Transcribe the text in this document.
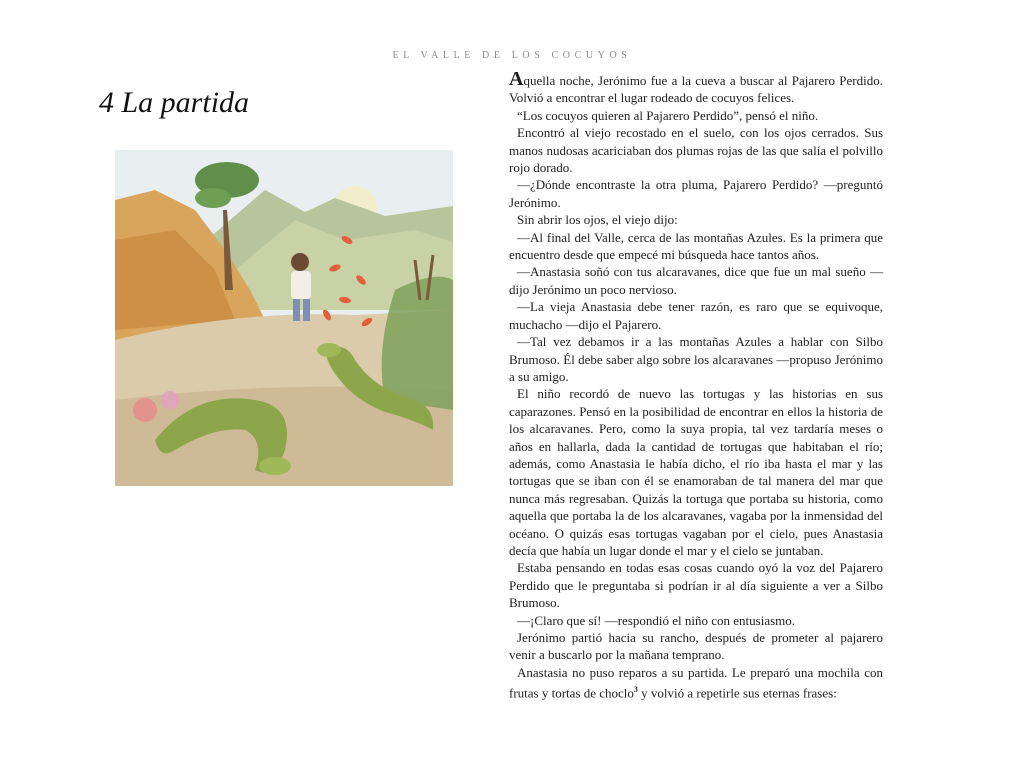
EL VALLE DE LOS COCUYOS
4 La partida

Aquella noche, Jerónimo fue a la cueva a buscar al Pajarero Perdido. Volvió a encontrar el lugar rodeado de cocuyos felices.

“Los cocuyos quieren al Pajarero Perdido”, pensó el niño.

Encontró al viejo recostado en el suelo, con los ojos cerrados. Sus manos nudosas acariciaban dos plumas rojas de las que salía el polvillo rojo dorado.

—¿Dónde encontraste la otra pluma, Pajarero Perdido? —preguntó Jerónimo.

Sin abrir los ojos, el viejo dijo:

—Al final del Valle, cerca de las montañas Azules. Es la primera que encuentro desde que empecé mi búsqueda hace tantos años.

—Anastasia soñó con tus alcaravanes, dice que fue un mal sueño —dijo Jerónimo un poco nervioso.

—La vieja Anastasia debe tener razón, es raro que se equivoque, muchacho —dijo el Pajarero.

—Tal vez debamos ir a las montañas Azules a hablar con Silbo Brumoso. Él debe saber algo sobre los alcaravanes —propuso Jerónimo a su amigo.

El niño recordó de nuevo las tortugas y las historias en sus caparazones. Pensó en la posibilidad de encontrar en ellos la historia de los alcaravanes. Pero, como la suya propia, tal vez tardaría meses o años en hallarla, dada la cantidad de tortugas que habitaban el río; además, como Anastasia le había dicho, el río iba hasta el mar y las tortugas que se iban con él se enamoraban de tal manera del mar que nunca más regresaban. Quizás la tortuga que portaba su historia, como aquella que portaba la de los alcaravanes, vagaba por la inmensidad del océano. O quizás esas tortugas vagaban por el cielo, pues Anastasia decía que había un lugar donde el mar y el cielo se juntaban.

Estaba pensando en todas esas cosas cuando oyó la voz del Pajarero Perdido que le preguntaba si podrían ir al día siguiente a ver a Silbo Brumoso.

—¡Claro que sí! —respondió el niño con entusiasmo.

Jerónimo partió hacia su rancho, después de prometer al pajarero venir a buscarlo por la mañana temprano.

Anastasia no puso reparos a su partida. Le preparó una mochila con frutas y tortas de choclo$^3$ y volvió a repetirle sus eternas frases:
